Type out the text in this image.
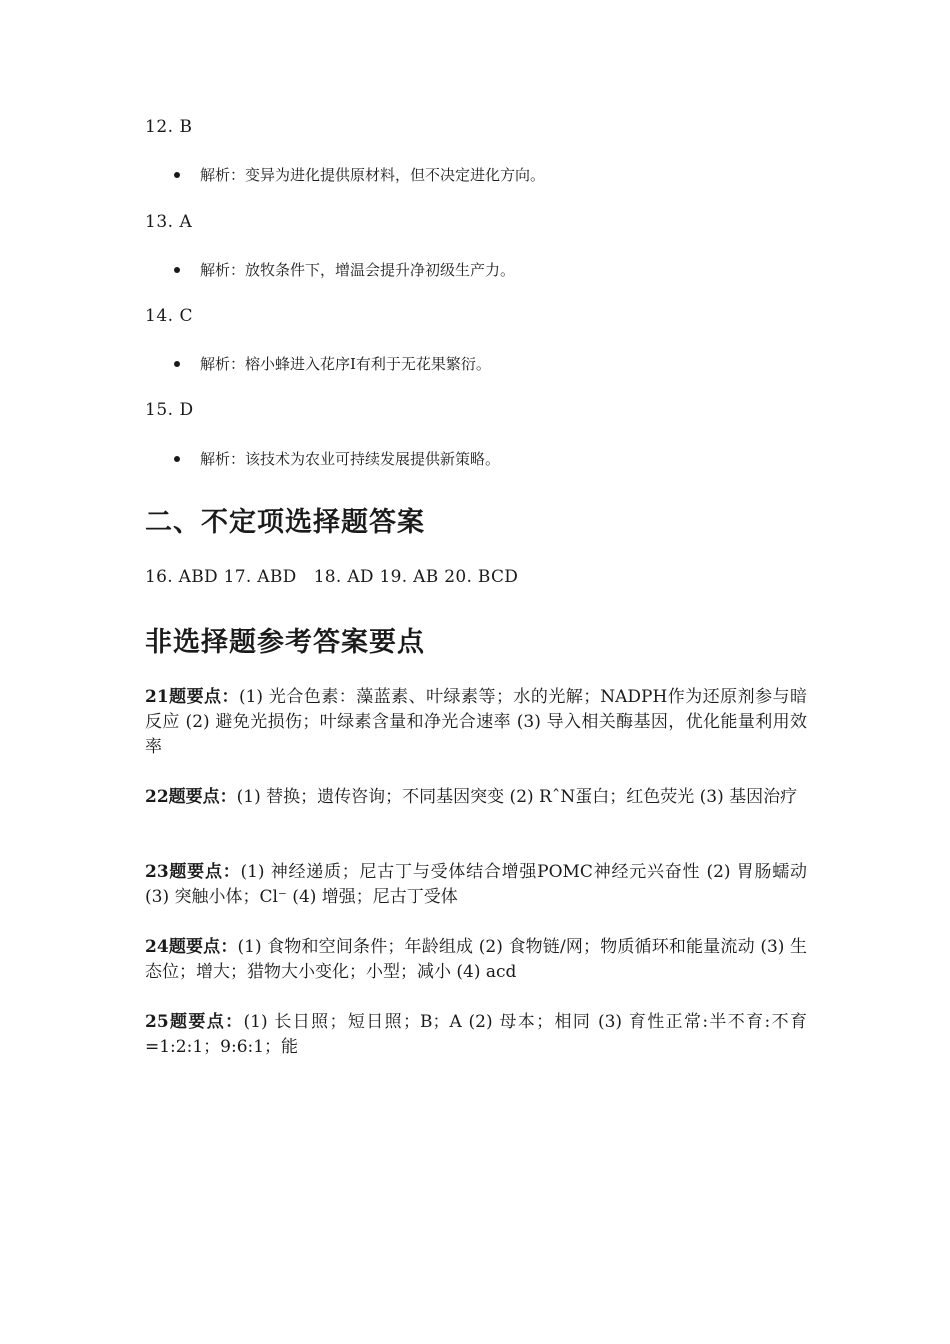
12. B
解析：变异为进化提供原材料，但不决定进化方向。
13. A
解析：放牧条件下，增温会提升净初级生产力。
14. C
解析：榕小蜂进入花序Ⅰ有利于无花果繁衍。
15. D
解析：该技术为农业可持续发展提供新策略。
二、不定项选择题答案
16. ABD 17. ABD   18. AD 19. AB 20. BCD
非选择题参考答案要点
21题要点：(1) 光合色素：藻蓝素、叶绿素等；水的光解；NADPH作为还原剂参与暗反应 (2) 避免光损伤；叶绿素含量和净光合速率 (3) 导入相关酶基因，优化能量利用效率
22题要点：(1) 替换；遗传咨询；不同基因突变 (2) RˆN蛋白；红色荧光 (3) 基因治疗
23题要点：(1) 神经递质；尼古丁与受体结合增强POMC神经元兴奋性 (2) 胃肠蠕动 (3) 突触小体；Cl⁻ (4) 增强；尼古丁受体
24题要点：(1) 食物和空间条件；年龄组成 (2) 食物链/网；物质循环和能量流动 (3) 生态位；增大；猎物大小变化；小型；减小 (4) acd
25题要点：(1) 长日照；短日照；B；A (2) 母本；相同 (3) 育性正常:半不育:不育=1:2:1；9:6:1；能
